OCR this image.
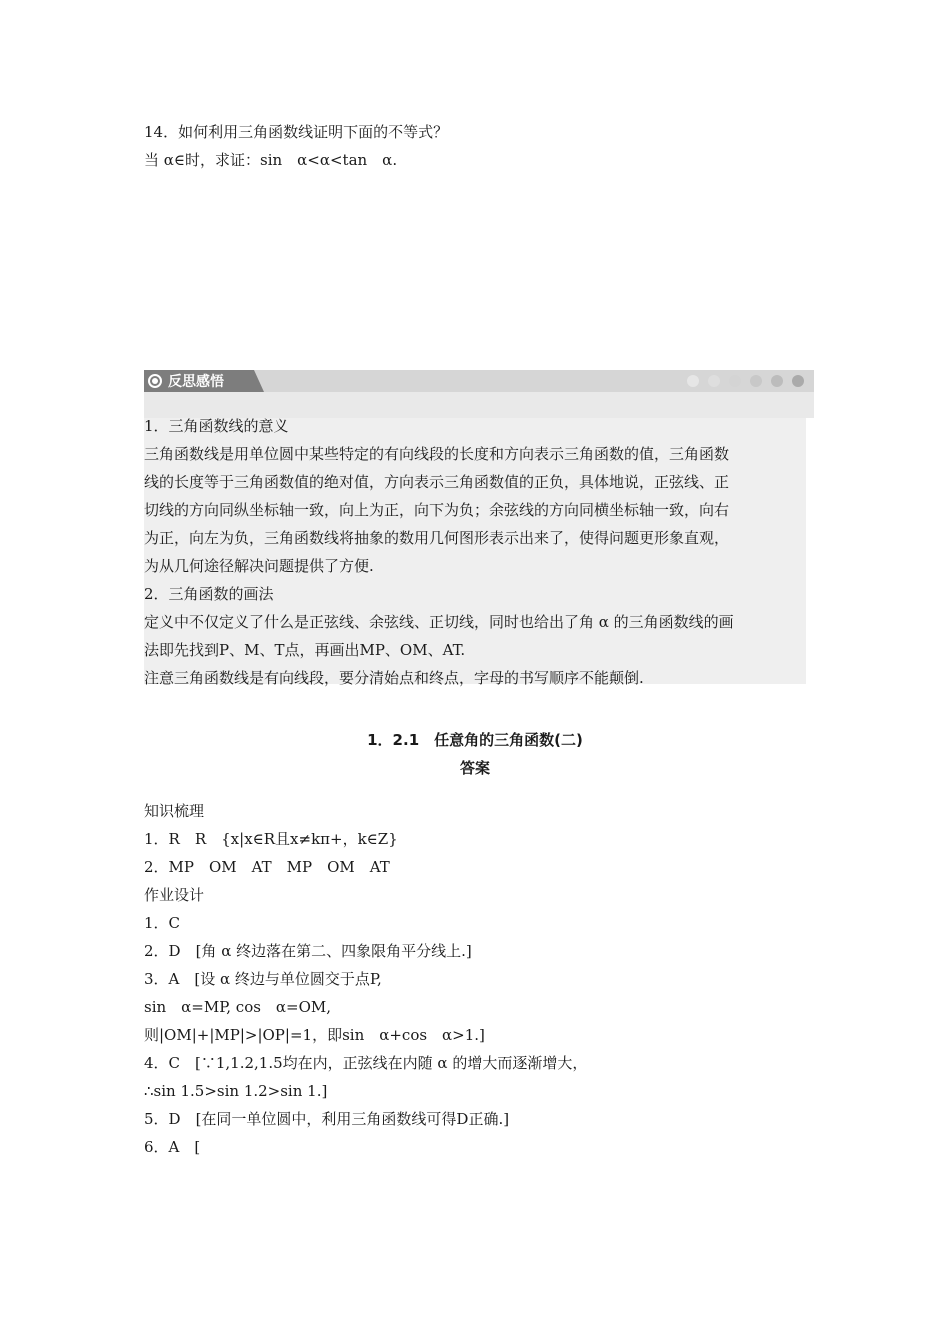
14．如何利用三角函数线证明下面的不等式？
当 α∈时，求证：sin　α<α<tan　α.
反思感悟
1．三角函数线的意义
三角函数线是用单位圆中某些特定的有向线段的长度和方向表示三角函数的值，三角函数
线的长度等于三角函数值的绝对值，方向表示三角函数值的正负，具体地说，正弦线、正
切线的方向同纵坐标轴一致，向上为正，向下为负；余弦线的方向同横坐标轴一致，向右
为正，向左为负，三角函数线将抽象的数用几何图形表示出来了，使得问题更形象直观，
为从几何途径解决问题提供了方便.
2．三角函数的画法
定义中不仅定义了什么是正弦线、余弦线、正切线，同时也给出了角 α 的三角函数线的画
法即先找到P、M、T点，再画出MP、OM、AT.
注意三角函数线是有向线段，要分清始点和终点，字母的书写顺序不能颠倒.
1．2.1　任意角的三角函数(二)
答案
知识梳理
1．R　R　{x|x∈R且x≠kπ+，k∈Z}
2．MP　OM　AT　MP　OM　AT
作业设计
1．C
2．D　[角 α 终边落在第二、四象限角平分线上.]
3．A　[设 α 终边与单位圆交于点P,
sin　α=MP, cos　α=OM,
则|OM|+|MP|>|OP|=1，即sin　α+cos　α>1.]
4．C　[∵1,1.2,1.5均在内，正弦线在内随 α 的增大而逐渐增大，
∴sin 1.5>sin 1.2>sin 1.]
5．D　[在同一单位圆中，利用三角函数线可得D正确.]
6．A　[
